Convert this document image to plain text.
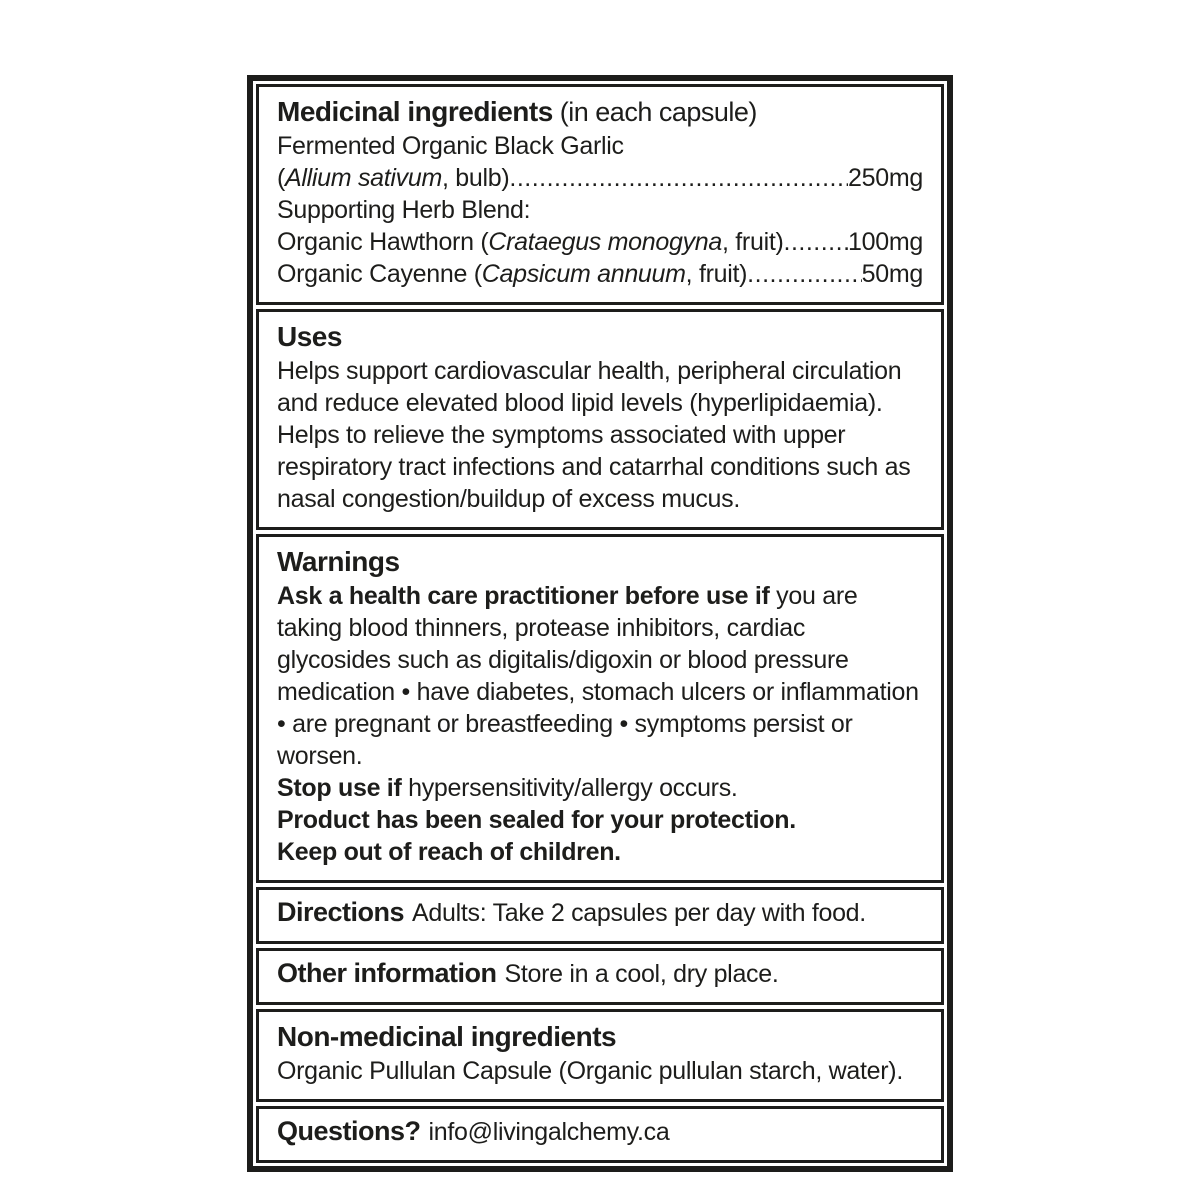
Medicinal ingredients (in each capsule)
Fermented Organic Black Garlic
(Allium sativum, bulb) .....	250mg
Supporting Herb Blend:
Organic Hawthorn (Crataegus monogyna, fruit) .....	100mg
Organic Cayenne (Capsicum annuum, fruit) .....	50mg
Uses
Helps support cardiovascular health, peripheral circulation and reduce elevated blood lipid levels (hyperlipidaemia). Helps to relieve the symptoms associated with upper respiratory tract infections and catarrhal conditions such as nasal congestion/buildup of excess mucus.
Warnings
Ask a health care practitioner before use if you are taking blood thinners, protease inhibitors, cardiac glycosides such as digitalis/digoxin or blood pressure medication • have diabetes, stomach ulcers or inflammation • are pregnant or breastfeeding • symptoms persist or worsen.
Stop use if hypersensitivity/allergy occurs.
Product has been sealed for your protection.
Keep out of reach of children.
Directions Adults: Take 2 capsules per day with food.
Other information Store in a cool, dry place.
Non-medicinal ingredients
Organic Pullulan Capsule (Organic pullulan starch, water).
Questions? info@livingalchemy.ca
